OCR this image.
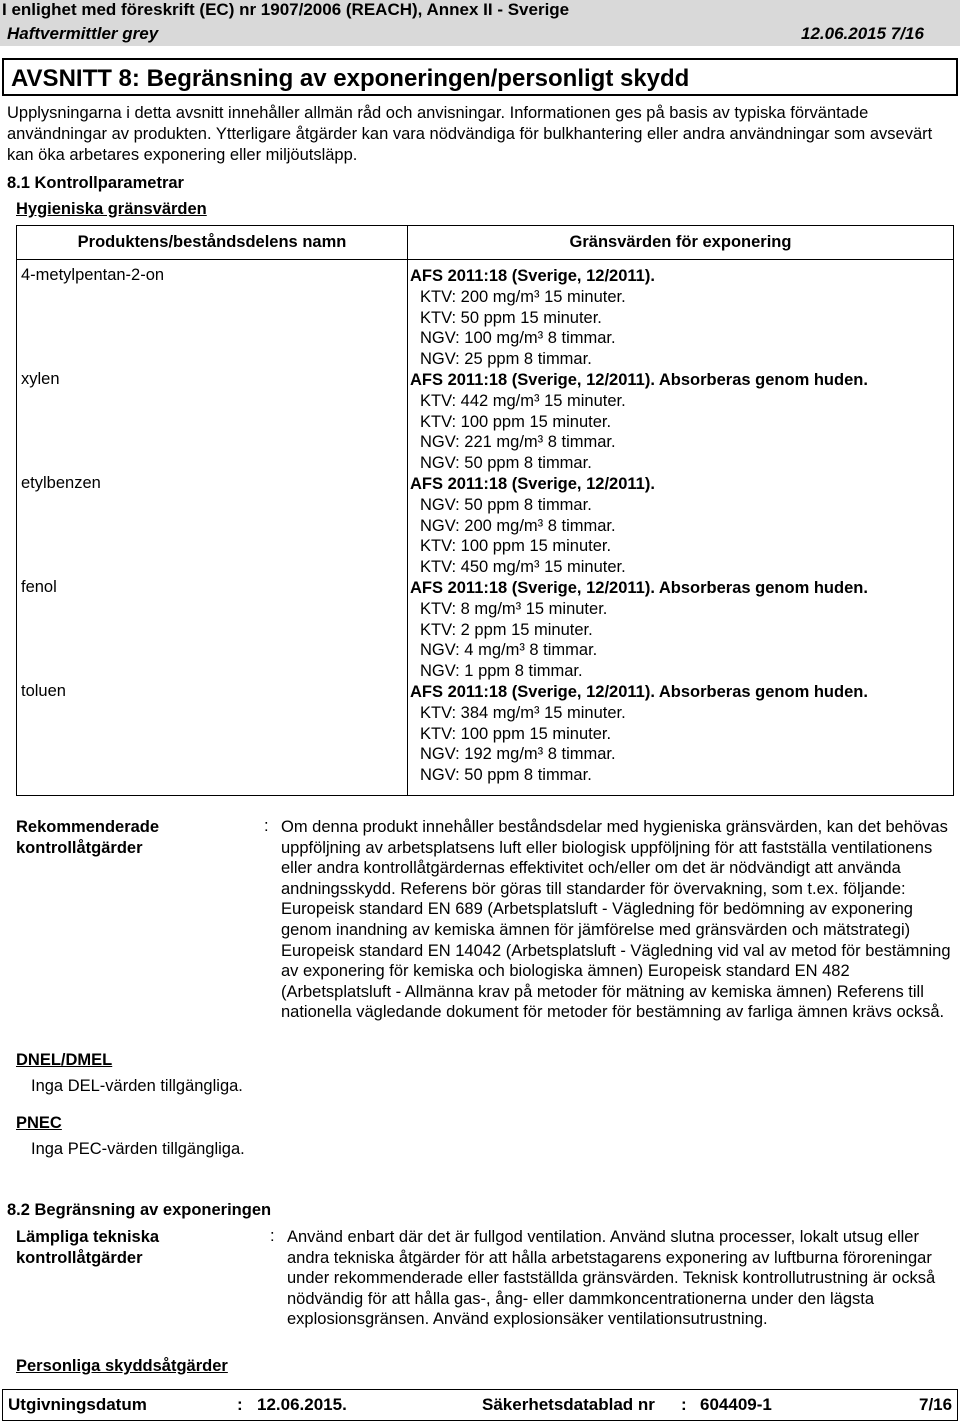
I enlighet med föreskrift (EC) nr 1907/2006 (REACH), Annex II - Sverige
Haftvermittler grey	12.06.2015 7/16
AVSNITT 8: Begränsning av exponeringen/personligt skydd
Upplysningarna i detta avsnitt innehåller allmän råd och anvisningar. Informationen ges på basis av typiska förväntade användningar av produkten. Ytterligare åtgärder kan vara nödvändiga för bulkhantering eller andra användningar som avsevärt kan öka arbetares exponering eller miljöutsläpp.
8.1 Kontrollparametrar
Hygieniska gränsvärden
Produktens/beståndsdelens namn	Gränsvärden för exponering
4-metylpentan-2-on	AFS 2011:18 (Sverige, 12/2011).
KTV: 200 mg/m³ 15 minuter.
KTV: 50 ppm 15 minuter.
NGV: 100 mg/m³ 8 timmar.
NGV: 25 ppm 8 timmar.
xylen	AFS 2011:18 (Sverige, 12/2011). Absorberas genom huden.
KTV: 442 mg/m³ 15 minuter.
KTV: 100 ppm 15 minuter.
NGV: 221 mg/m³ 8 timmar.
NGV: 50 ppm 8 timmar.
etylbenzen	AFS 2011:18 (Sverige, 12/2011).
NGV: 50 ppm 8 timmar.
NGV: 200 mg/m³ 8 timmar.
KTV: 100 ppm 15 minuter.
KTV: 450 mg/m³ 15 minuter.
fenol	AFS 2011:18 (Sverige, 12/2011). Absorberas genom huden.
KTV: 8 mg/m³ 15 minuter.
KTV: 2 ppm 15 minuter.
NGV: 4 mg/m³ 8 timmar.
NGV: 1 ppm 8 timmar.
toluen	AFS 2011:18 (Sverige, 12/2011). Absorberas genom huden.
KTV: 384 mg/m³ 15 minuter.
KTV: 100 ppm 15 minuter.
NGV: 192 mg/m³ 8 timmar.
NGV: 50 ppm 8 timmar.
Rekommenderade
kontrollåtgärder
: Om denna produkt innehåller beståndsdelar med hygieniska gränsvärden, kan det behövas uppföljning av arbetsplatsens luft eller biologisk uppföljning för att fastställa ventilationens eller andra kontrollåtgärdernas effektivitet och/eller om det är nödvändigt att använda andningsskydd. Referens bör göras till standarder för övervakning, som t.ex. följande: Europeisk standard EN 689 (Arbetsplatsluft - Vägledning för bedömning av exponering genom inandning av kemiska ämnen för jämförelse med gränsvärden och mätstrategi) Europeisk standard EN 14042 (Arbetsplatsluft - Vägledning vid val av metod för bestämning av exponering för kemiska och biologiska ämnen) Europeisk standard EN 482 (Arbetsplatsluft - Allmänna krav på metoder för mätning av kemiska ämnen) Referens till nationella vägledande dokument för metoder för bestämning av farliga ämnen krävs också.
DNEL/DMEL
Inga DEL-värden tillgängliga.
PNEC
Inga PEC-värden tillgängliga.
8.2 Begränsning av exponeringen
Lämpliga tekniska
kontrollåtgärder
: Använd enbart där det är fullgod ventilation. Använd slutna processer, lokalt utsug eller andra tekniska åtgärder för att hålla arbetstagarens exponering av luftburna föroreningar under rekommenderade eller fastställda gränsvärden. Teknisk kontrollutrustning är också nödvändig för att hålla gas-, ång- eller dammkoncentrationerna under den lägsta explosionsgränsen. Använd explosionsäker ventilationsutrustning.
Personliga skyddsåtgärder
Utgivningsdatum	: 12.06.2015.	Säkerhetsdatablad nr : 604409-1	7/16
